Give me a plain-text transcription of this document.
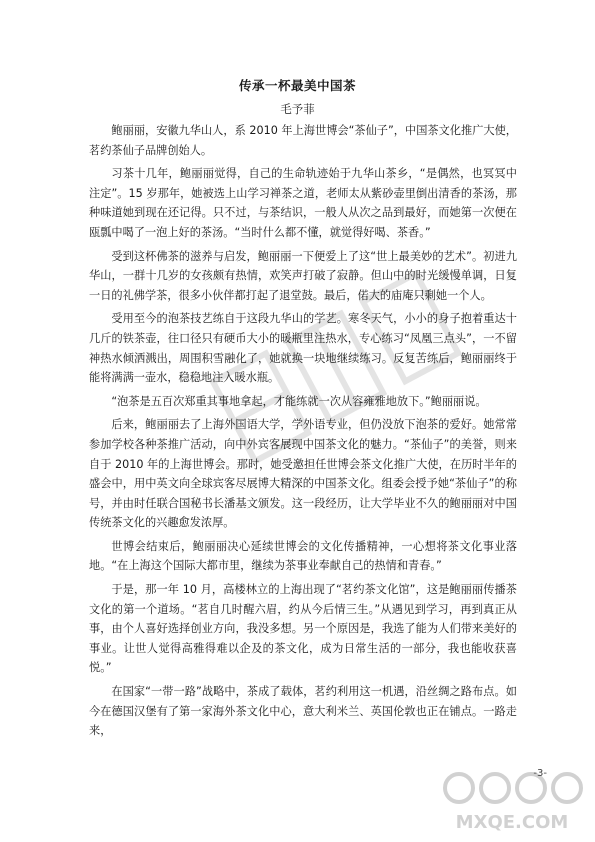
传承一杯最美中国茶
毛予菲

鲍丽丽，安徽九华山人，系 2010 年上海世博会“茶仙子”，中国茶文化推广大使，茗约茶仙子品牌创始人。

习茶十几年，鲍丽丽觉得，自己的生命轨迹始于九华山茶乡，“是偶然，也冥冥中注定”。15 岁那年，她被选上山学习禅茶之道，老师太从紫砂壶里倒出清香的茶汤，那种味道她到现在还记得。只不过，与茶结识，一般人从次之品到最好，而她第一次便在瓯瓢中喝了一泡上好的茶汤。“当时什么都不懂，就觉得好喝、茶香。”

受到这杯佛茶的滋养与启发，鲍丽丽一下便爱上了这“世上最美妙的艺术”。初进九华山，一群十几岁的女孩颇有热情，欢笑声打破了寂静。但山中的时光缓慢单调，日复一日的礼佛学茶，很多小伙伴都打起了退堂鼓。最后，偌大的庙庵只剩她一个人。

受用至今的泡茶技艺练自于这段九华山的学艺。寒冬天气，小小的身子抱着重达十几斤的铁茶壶，往口径只有硬币大小的暖瓶里注热水，专心练习“凤凰三点头”，一不留神热水倾洒溅出，周围积雪融化了，她就换一块地继续练习。反复苦练后，鲍丽丽终于能将满满一壶水，稳稳地注入暖水瓶。

“泡茶是五百次郑重其事地拿起，才能练就一次从容雍雅地放下。”鲍丽丽说。

后来，鲍丽丽去了上海外国语大学，学外语专业，但仍没放下泡茶的爱好。她常常参加学校各种茶推广活动，向中外宾客展现中国茶文化的魅力。“茶仙子”的美誉，则来自于 2010 年的上海世博会。那时，她受邀担任世博会茶文化推广大使，在历时半年的盛会中，用中英文向全球宾客尽展博大精深的中国茶文化。组委会授予她“茶仙子”的称号，并由时任联合国秘书长潘基文颁发。这一段经历，让大学毕业不久的鲍丽丽对中国传统茶文化的兴趣愈发浓厚。

世博会结束后，鲍丽丽决心延续世博会的文化传播精神，一心想将茶文化事业落地。“在上海这个国际大都市里，继续为茶事业奉献自己的热情和青春。”

于是，那一年 10 月，高楼林立的上海出现了“茗约茶文化馆”，这是鲍丽丽传播茶文化的第一个道场。“茗自几时醒六眉，约从今后情三生。”从遇见到学习，再到真正从事，由个人喜好选择创业方向，我没多想。另一个原因是，我选了能为人们带来美好的事业。让世人觉得高雅得难以企及的茶文化，成为日常生活的一部分，我也能收获喜悦。”

在国家“一带一路”战略中，茶成了载体，茗约利用这一机遇，沿丝绸之路布点。如今在德国汉堡有了第一家海外茶文化中心，意大利米兰、英国伦敦也正在铺点。一路走来，

-3-
MXQE.COM
